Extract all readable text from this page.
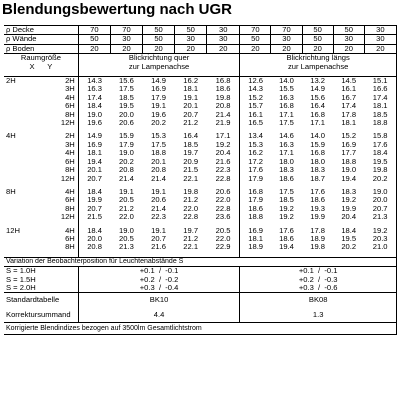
Blendungsbewertung nach UGR
ρ Decke		70	70	50	50	30	70	70	50	50	30
ρ Wände		50	30	50	30	30	50	30	50	30	30
ρ Boden		20	20	20	20	20	20	20	20	20	20
Raumgröße
X Y		Blickrichtung quer
zur Lampenachse					Blickrichtung längs
zur Lampenachse				

2H	2H	14.3	15.6	14.9	16.2	16.8	12.6	14.0	13.2	14.5	15.1
	3H	16.3	17.5	16.9	18.1	18.6	14.3	15.5	14.9	16.1	16.6
	4H	17.4	18.5	17.9	19.1	19.8	15.2	16.3	15.6	16.7	17.4
	6H	18.4	19.5	19.1	20.1	20.8	15.7	16.8	16.4	17.4	18.1
	8H	19.0	20.0	19.6	20.7	21.4	16.1	17.1	16.8	17.8	18.5
	12H	19.6	20.6	20.2	21.2	21.9	16.5	17.5	17.1	18.1	18.8

4H	2H	14.9	15.9	15.3	16.4	17.1	13.4	14.6	14.0	15.2	15.8
	3H	16.9	17.9	17.5	18.5	19.2	15.3	16.3	15.9	16.9	17.6
	4H	18.1	19.0	18.8	19.7	20.4	16.2	17.1	16.8	17.7	18.4
	6H	19.4	20.2	20.1	20.9	21.6	17.2	18.0	18.0	18.8	19.5
	8H	20.1	20.8	20.8	21.5	22.3	17.6	18.3	18.3	19.0	19.8
	12H	20.7	21.4	21.4	22.1	22.8	17.9	18.6	18.7	19.4	20.2

8H	4H	18.4	19.1	19.1	19.8	20.6	16.8	17.5	17.6	18.3	19.0
	6H	19.9	20.5	20.6	21.2	22.0	17.9	18.5	18.6	19.2	20.0
	8H	20.7	21.2	21.4	22.0	22.8	18.6	19.2	19.3	19.9	20.7
	12H	21.5	22.0	22.3	22.8	23.6	18.8	19.2	19.9	20.4	21.3

12H	4H	18.4	19.0	19.1	19.7	20.5	16.9	17.6	17.8	18.4	19.2
	6H	20.0	20.5	20.7	21.2	22.0	18.1	18.6	18.9	19.5	20.3
	8H	20.8	21.3	21.6	22.1	22.9	18.9	19.4	19.8	20.2	21.0

Variation der Beobachterposition für Leuchtenabstände S											
S = 1.0H		+0.1  /  -0.1					+0.1  /  -0.1				
S = 1.5H		+0.2  /  -0.2					+0.2  /  -0.3				
S = 2.0H		+0.3  /  -0.4					+0.3  /  -0.6				
Standardtabelle		BK10					BK08				
Korrektursummand		4.4					1.3				
Korrigierte Blendindizes bezogen auf 3500lm Gesamtlichtstrom											
